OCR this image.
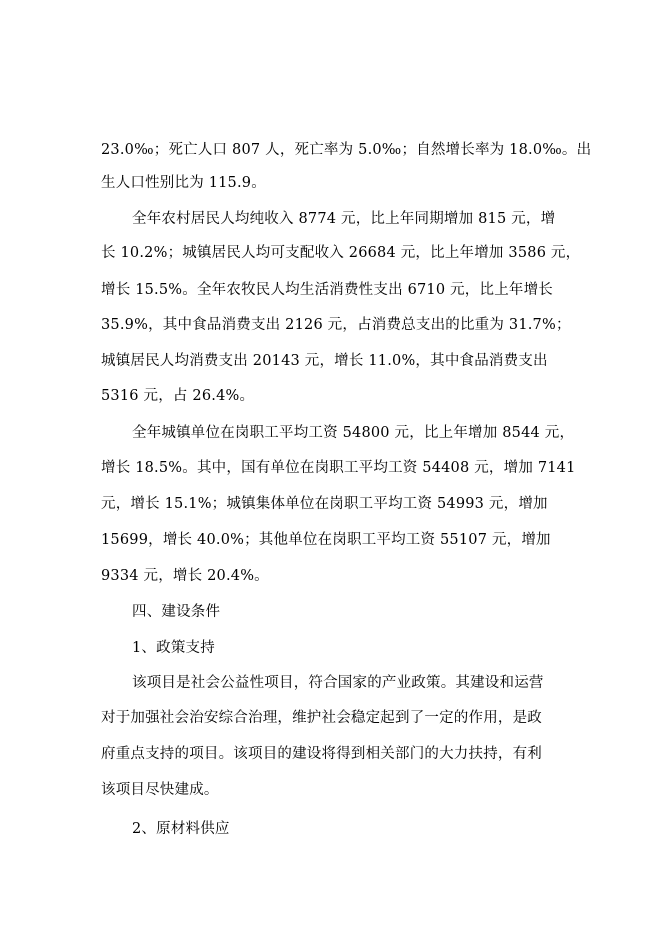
23.0‰；死亡人口 807 人，死亡率为 5.0‰；自然增长率为 18.0‰。出
生人口性别比为 115.9。
全年农村居民人均纯收入 8774 元，比上年同期增加 815 元，增
长 10.2%；城镇居民人均可支配收入 26684 元，比上年增加 3586 元，
增长 15.5%。全年农牧民人均生活消费性支出 6710 元，比上年增长
35.9%，其中食品消费支出 2126 元，占消费总支出的比重为 31.7%；
城镇居民人均消费支出 20143 元，增长 11.0%，其中食品消费支出
5316 元，占 26.4%。
全年城镇单位在岗职工平均工资 54800 元，比上年增加 8544 元，
增长 18.5%。其中，国有单位在岗职工平均工资 54408 元，增加 7141
元，增长 15.1%；城镇集体单位在岗职工平均工资 54993 元，增加
15699，增长 40.0%；其他单位在岗职工平均工资 55107 元，增加
9334 元，增长 20.4%。
四、建设条件
1、政策支持
该项目是社会公益性项目，符合国家的产业政策。其建设和运营
对于加强社会治安综合治理，维护社会稳定起到了一定的作用，是政
府重点支持的项目。该项目的建设将得到相关部门的大力扶持，有利
该项目尽快建成。
2、原材料供应
